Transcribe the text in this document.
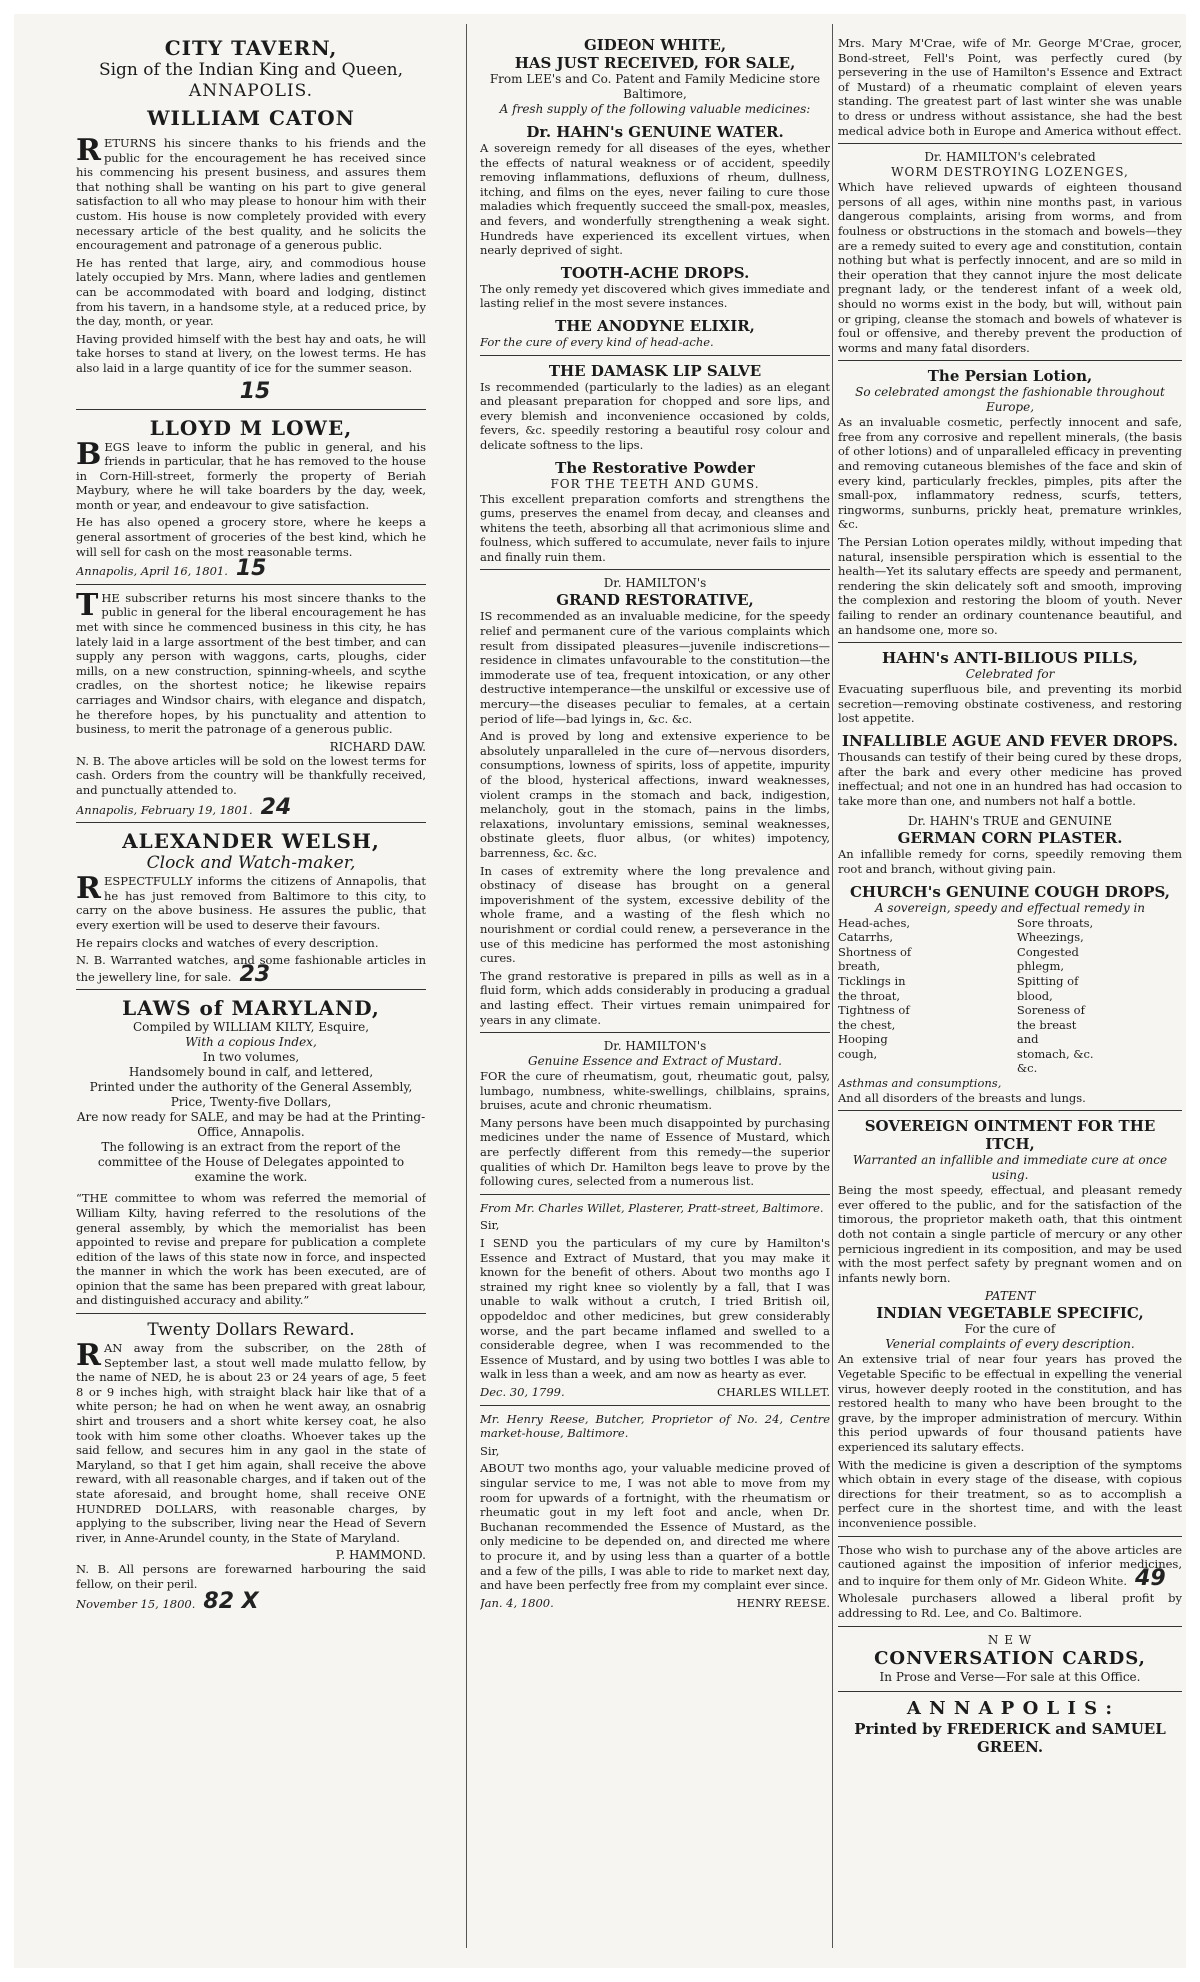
CITY TAVERN,
Sign of the Indian King and Queen,
ANNAPOLIS.
WILLIAM CATON

RETURNS his sincere thanks to his friends and the public for the encouragement he has received since his commencing his present business, and assures them that nothing shall be wanting on his part to give general satisfaction to all who may please to honour him with their custom. His house is now completely provided with every necessary article of the best quality, and he solicits the encouragement and patronage of a generous public.

He has rented that large, airy, and commodious house lately occupied by Mrs. Mann, where ladies and gentlemen can be accommodated with board and lodging, distinct from his tavern, in a handsome style, at a reduced price, by the day, month, or year.

Having provided himself with the best hay and oats, he will take horses to stand at livery, on the lowest terms. He has also laid in a large quantity of ice for the summer season.

15
LLOYD M LOWE,

BEGS leave to inform the public in general, and his friends in particular, that he has removed to the house in Corn-Hill-street, formerly the property of Beriah Maybury, where he will take boarders by the day, week, month or year, and endeavour to give satisfaction.

He has also opened a grocery store, where he keeps a general assortment of groceries of the best kind, which he will sell for cash on the most reasonable terms.

Annapolis, April 16, 1801. 15

THE subscriber returns his most sincere thanks to the public in general for the liberal encouragement he has met with since he commenced business in this city, he has lately laid in a large assortment of the best timber, and can supply any person with waggons, carts, ploughs, cider mills, on a new construction, spinning-wheels, and scythe cradles, on the shortest notice; he likewise repairs carriages and Windsor chairs, with elegance and dispatch, he therefore hopes, by his punctuality and attention to business, to merit the patronage of a generous public.

RICHARD DAW.

N. B. The above articles will be sold on the lowest terms for cash. Orders from the country will be thankfully received, and punctually attended to.

Annapolis, February 19, 1801. 24

ALEXANDER WELSH,
Clock and Watch-maker,

RESPECTFULLY informs the citizens of Annapolis, that he has just removed from Baltimore to this city, to carry on the above business. He assures the public, that every exertion will be used to deserve their favours.

He repairs clocks and watches of every description.

N. B. Warranted watches, and some fashionable articles in the jewellery line, for sale. 23

LAWS of MARYLAND,
Compiled by WILLIAM KILTY, Esquire,
With a copious Index,
In two volumes,
Handsomely bound in calf, and lettered,
Printed under the authority of the General Assembly,
Price, Twenty-five Dollars,
Are now ready for SALE, and may be had at the Printing-Office, Annapolis.
The following is an extract from the report of the committee of the House of Delegates appointed to examine the work.

“THE committee to whom was referred the memorial of William Kilty, having referred to the resolutions of the general assembly, by which the memorialist has been appointed to revise and prepare for publication a complete edition of the laws of this state now in force, and inspected the manner in which the work has been executed, are of opinion that the same has been prepared with great labour, and distinguished accuracy and ability.”

Twenty Dollars Reward.

RAN away from the subscriber, on the 28th of September last, a stout well made mulatto fellow, by the name of NED, he is about 23 or 24 years of age, 5 feet 8 or 9 inches high, with straight black hair like that of a white person; he had on when he went away, an osnabrig shirt and trousers and a short white kersey coat, he also took with him some other cloaths. Whoever takes up the said fellow, and secures him in any gaol in the state of Maryland, so that I get him again, shall receive the above reward, with all reasonable charges, and if taken out of the state aforesaid, and brought home, shall receive ONE HUNDRED DOLLARS, with reasonable charges, by applying to the subscriber, living near the Head of Severn river, in Anne-Arundel county, in the State of Maryland.

P. HAMMOND.

N. B. All persons are forewarned harbouring the said fellow, on their peril.

November 15, 1800. 82 X

GIDEON WHITE,
HAS JUST RECEIVED, FOR SALE,
From LEE's and Co. Patent and Family Medicine store Baltimore,
A fresh supply of the following valuable medicines:
Dr. HAHN's GENUINE WATER.

A sovereign remedy for all diseases of the eyes, whether the effects of natural weakness or of accident, speedily removing inflammations, defluxions of rheum, dullness, itching, and films on the eyes, never failing to cure those maladies which frequently succeed the small-pox, measles, and fevers, and wonderfully strengthening a weak sight. Hundreds have experienced its excellent virtues, when nearly deprived of sight.

TOOTH-ACHE DROPS.

The only remedy yet discovered which gives immediate and lasting relief in the most severe instances.

THE ANODYNE ELIXIR,

For the cure of every kind of head-ache.

THE DAMASK LIP SALVE

Is recommended (particularly to the ladies) as an elegant and pleasant preparation for chopped and sore lips, and every blemish and inconvenience occasioned by colds, fevers, &c. speedily restoring a beautiful rosy colour and delicate softness to the lips.

The Restorative Powder
FOR THE TEETH AND GUMS.

This excellent preparation comforts and strengthens the gums, preserves the enamel from decay, and cleanses and whitens the teeth, absorbing all that acrimonious slime and foulness, which suffered to accumulate, never fails to injure and finally ruin them.

Dr. HAMILTON's
GRAND RESTORATIVE,

IS recommended as an invaluable medicine, for the speedy relief and permanent cure of the various complaints which result from dissipated pleasures—juvenile indiscretions—residence in climates unfavourable to the constitution—the immoderate use of tea, frequent intoxication, or any other destructive intemperance—the unskilful or excessive use of mercury—the diseases peculiar to females, at a certain period of life—bad lyings in, &c. &c.

And is proved by long and extensive experience to be absolutely unparalleled in the cure of—nervous disorders, consumptions, lowness of spirits, loss of appetite, impurity of the blood, hysterical affections, inward weaknesses, violent cramps in the stomach and back, indigestion, melancholy, gout in the stomach, pains in the limbs, relaxations, involuntary emissions, seminal weaknesses, obstinate gleets, fluor albus, (or whites) impotency, barrenness, &c. &c.

In cases of extremity where the long prevalence and obstinacy of disease has brought on a general impoverishment of the system, excessive debility of the whole frame, and a wasting of the flesh which no nourishment or cordial could renew, a perseverance in the use of this medicine has performed the most astonishing cures.

The grand restorative is prepared in pills as well as in a fluid form, which adds considerably in producing a gradual and lasting effect. Their virtues remain unimpaired for years in any climate.

Dr. HAMILTON's
Genuine Essence and Extract of Mustard.

FOR the cure of rheumatism, gout, rheumatic gout, palsy, lumbago, numbness, white-swellings, chilblains, sprains, bruises, acute and chronic rheumatism.

Many persons have been much disappointed by purchasing medicines under the name of Essence of Mustard, which are perfectly different from this remedy—the superior qualities of which Dr. Hamilton begs leave to prove by the following cures, selected from a numerous list.

From Mr. Charles Willet, Plasterer, Pratt-street, Baltimore.

Sir,

I SEND you the particulars of my cure by Hamilton's Essence and Extract of Mustard, that you may make it known for the benefit of others. About two months ago I strained my right knee so violently by a fall, that I was unable to walk without a crutch, I tried British oil, oppodeldoc and other medicines, but grew considerably worse, and the part became inflamed and swelled to a considerable degree, when I was recommended to the Essence of Mustard, and by using two bottles I was able to walk in less than a week, and am now as hearty as ever.

Dec. 30, 1799.	CHARLES WILLET.

Mr. Henry Reese, Butcher, Proprietor of No. 24, Centre market-house, Baltimore.

Sir,

ABOUT two months ago, your valuable medicine proved of singular service to me, I was not able to move from my room for upwards of a fortnight, with the rheumatism or rheumatic gout in my left foot and ancle, when Dr. Buchanan recommended the Essence of Mustard, as the only medicine to be depended on, and directed me where to procure it, and by using less than a quarter of a bottle and a few of the pills, I was able to ride to market next day, and have been perfectly free from my complaint ever since.

Jan. 4, 1800.	HENRY REESE.

Mrs. Mary M'Crae, wife of Mr. George M'Crae, grocer, Bond-street, Fell's Point, was perfectly cured (by persevering in the use of Hamilton's Essence and Extract of Mustard) of a rheumatic complaint of eleven years standing. The greatest part of last winter she was unable to dress or undress without assistance, she had the best medical advice both in Europe and America without effect.

Dr. HAMILTON's celebrated
WORM DESTROYING LOZENGES,

Which have relieved upwards of eighteen thousand persons of all ages, within nine months past, in various dangerous complaints, arising from worms, and from foulness or obstructions in the stomach and bowels—they are a remedy suited to every age and constitution, contain nothing but what is perfectly innocent, and are so mild in their operation that they cannot injure the most delicate pregnant lady, or the tenderest infant of a week old, should no worms exist in the body, but will, without pain or griping, cleanse the stomach and bowels of whatever is foul or offensive, and thereby prevent the production of worms and many fatal disorders.

The Persian Lotion,
So celebrated amongst the fashionable throughout Europe,

As an invaluable cosmetic, perfectly innocent and safe, free from any corrosive and repellent minerals, (the basis of other lotions) and of unparalleled efficacy in preventing and removing cutaneous blemishes of the face and skin of every kind, particularly freckles, pimples, pits after the small-pox, inflammatory redness, scurfs, tetters, ringworms, sunburns, prickly heat, premature wrinkles, &c.

The Persian Lotion operates mildly, without impeding that natural, insensible perspiration which is essential to the health—Yet its salutary effects are speedy and permanent, rendering the skin delicately soft and smooth, improving the complexion and restoring the bloom of youth. Never failing to render an ordinary countenance beautiful, and an handsome one, more so.

HAHN's ANTI-BILIOUS PILLS,
Celebrated for

Evacuating superfluous bile, and preventing its morbid secretion—removing obstinate costiveness, and restoring lost appetite.

INFALLIBLE AGUE AND FEVER DROPS.

Thousands can testify of their being cured by these drops, after the bark and every other medicine has proved ineffectual; and not one in an hundred has had occasion to take more than one, and numbers not half a bottle.

Dr. HAHN's TRUE and GENUINE
GERMAN CORN PLASTER.

An infallible remedy for corns, speedily removing them root and branch, without giving pain.

CHURCH's GENUINE COUGH DROPS,
A sovereign, speedy and effectual remedy in
Head-aches,
Catarrhs,
Shortness of breath,
Ticklings in the throat,
Tightness of the chest,
Hooping cough,
Sore throats,
Wheezings,
Congested phlegm,
Spitting of blood,
Soreness of the breast and
stomach, &c. &c.
Asthmas and consumptions,
And all disorders of the breasts and lungs.
SOVEREIGN OINTMENT FOR THE ITCH,
Warranted an infallible and immediate cure at once using.

Being the most speedy, effectual, and pleasant remedy ever offered to the public, and for the satisfaction of the timorous, the proprietor maketh oath, that this ointment doth not contain a single particle of mercury or any other pernicious ingredient in its composition, and may be used with the most perfect safety by pregnant women and on infants newly born.

PATENT
INDIAN VEGETABLE SPECIFIC,
For the cure of
Venerial complaints of every description.

An extensive trial of near four years has proved the Vegetable Specific to be effectual in expelling the venerial virus, however deeply rooted in the constitution, and has restored health to many who have been brought to the grave, by the improper administration of mercury. Within this period upwards of four thousand patients have experienced its salutary effects.

With the medicine is given a description of the symptoms which obtain in every stage of the disease, with copious directions for their treatment, so as to accomplish a perfect cure in the shortest time, and with the least inconvenience possible.

Those who wish to purchase any of the above articles are cautioned against the imposition of inferior medicines, and to inquire for them only of Mr. Gideon White. 49

Wholesale purchasers allowed a liberal profit by addressing to Rd. Lee, and Co. Baltimore.

N E W
CONVERSATION CARDS,
In Prose and Verse—For sale at this Office.
A N N A P O L I S :
Printed by FREDERICK and SAMUEL
GREEN.
